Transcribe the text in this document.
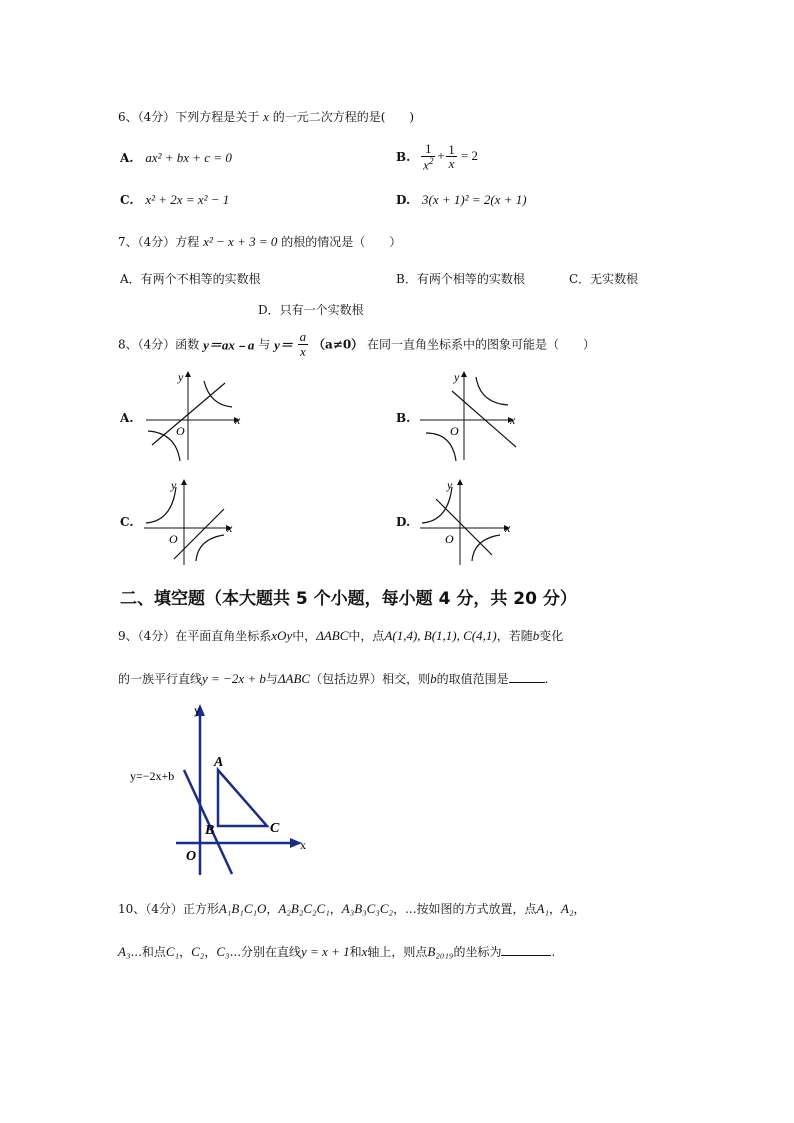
6、（4分）下列方程是关于 x 的一元二次方程的是(　　)
A. ax² + bx + c = 0	B. $\frac{1}{x^2} + \frac{1}{x} = 2$
C. x² + 2x = x² − 1	D. 3(x + 1)² = 2(x + 1)
7、（4分）方程 x² − x + 3 = 0 的根的情况是（　　）
A．有两个不相等的实数根	B．有两个相等的实数根	C．无实数根
D．只有一个实数根
8、（4分）函数 y＝ax﹣a 与 $y= \frac{a}{x} (a\ne 0)$ 在同一直角坐标系中的图象可能是（　　）
A.
y
x
O
B.
y
x
O
C.
y
x
O
D.
y
x
O
二、填空题（本大题共 5 个小题，每小题 4 分，共 20 分）
9、（4分）在平面直角坐标系xOy中，ΔABC中，点A(1,4), B(1,1), C(4,1)，若随b变化
的一族平行直线y = −2x + b与ΔABC（包括边界）相交，则b的取值范围是	.
y=−2x+b
A
B	C
O
x
y
10、（4分）正方形A₁B₁C₁O，A₂B₂C₂C₁，A₃B₃C₃C₂，...按如图的方式放置，点A₁，A₂，
A₃...和点C₁，C₂，C₃...分别在直线y = x + 1和x轴上，则点B₂₀₁₉的坐标为	.
